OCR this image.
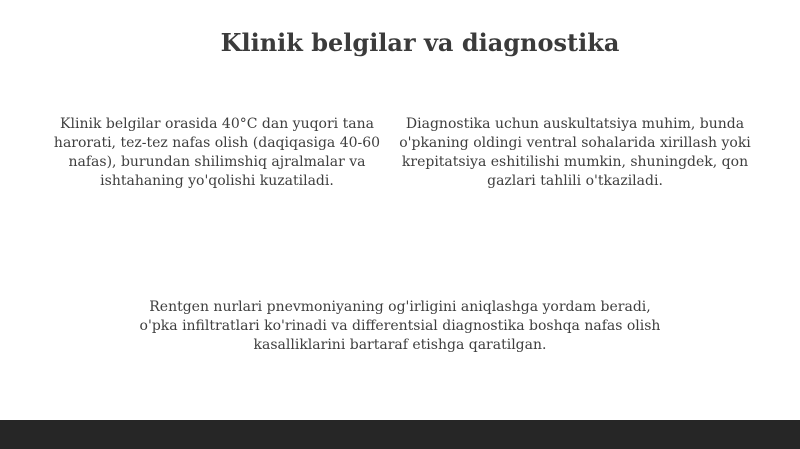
Klinik belgilar va diagnostika

Klinik belgilar orasida 40°C dan yuqori tana harorati, tez-tez nafas olish (daqiqasiga 40-60 nafas), burundan shilimshiq ajralmalar va ishtahaning yo'qolishi kuzatiladi.

Diagnostika uchun auskultatsiya muhim, bunda o'pkaning oldingi ventral sohalarida xirillash yoki krepitatsiya eshitilishi mumkin, shuningdek, qon gazlari tahlili o'tkaziladi.

Rentgen nurlari pnevmoniyaning og'irligini aniqlashga yordam beradi, o'pka infiltratlari ko'rinadi va differentsial diagnostika boshqa nafas olish kasalliklarini bartaraf etishga qaratilgan.
